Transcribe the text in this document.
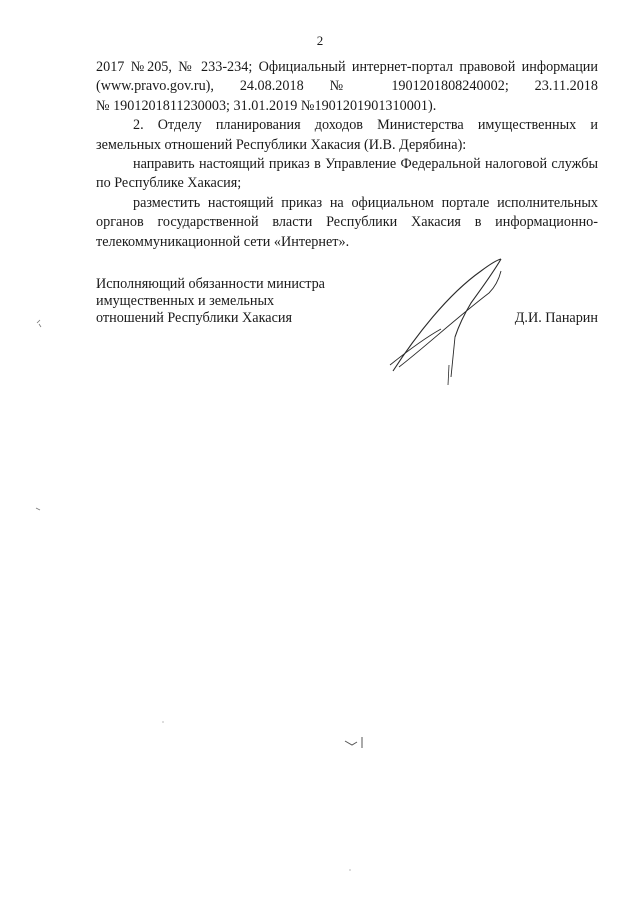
2

2017 №205, № 233-234; Официальный интернет-портал правовой информации

(www.pravo.gov.ru), 24.08.2018 № 1901201808240002; 23.11.2018

№ 1901201811230003; 31.01.2019 №1901201901310001).

2. Отделу планирования доходов Министерства имущественных и земельных отношений Республики Хакасия (И.В. Дерябина):

направить настоящий приказ в Управление Федеральной налоговой службы по Республике Хакасия;

разместить настоящий приказ на официальном портале исполнительных органов государственной власти Республики Хакасия в информационно-телекоммуникационной сети «Интернет».

Исполняющий обязанности министра
имущественных и земельных
отношений Республики Хакасия	Д.И. Панарин
